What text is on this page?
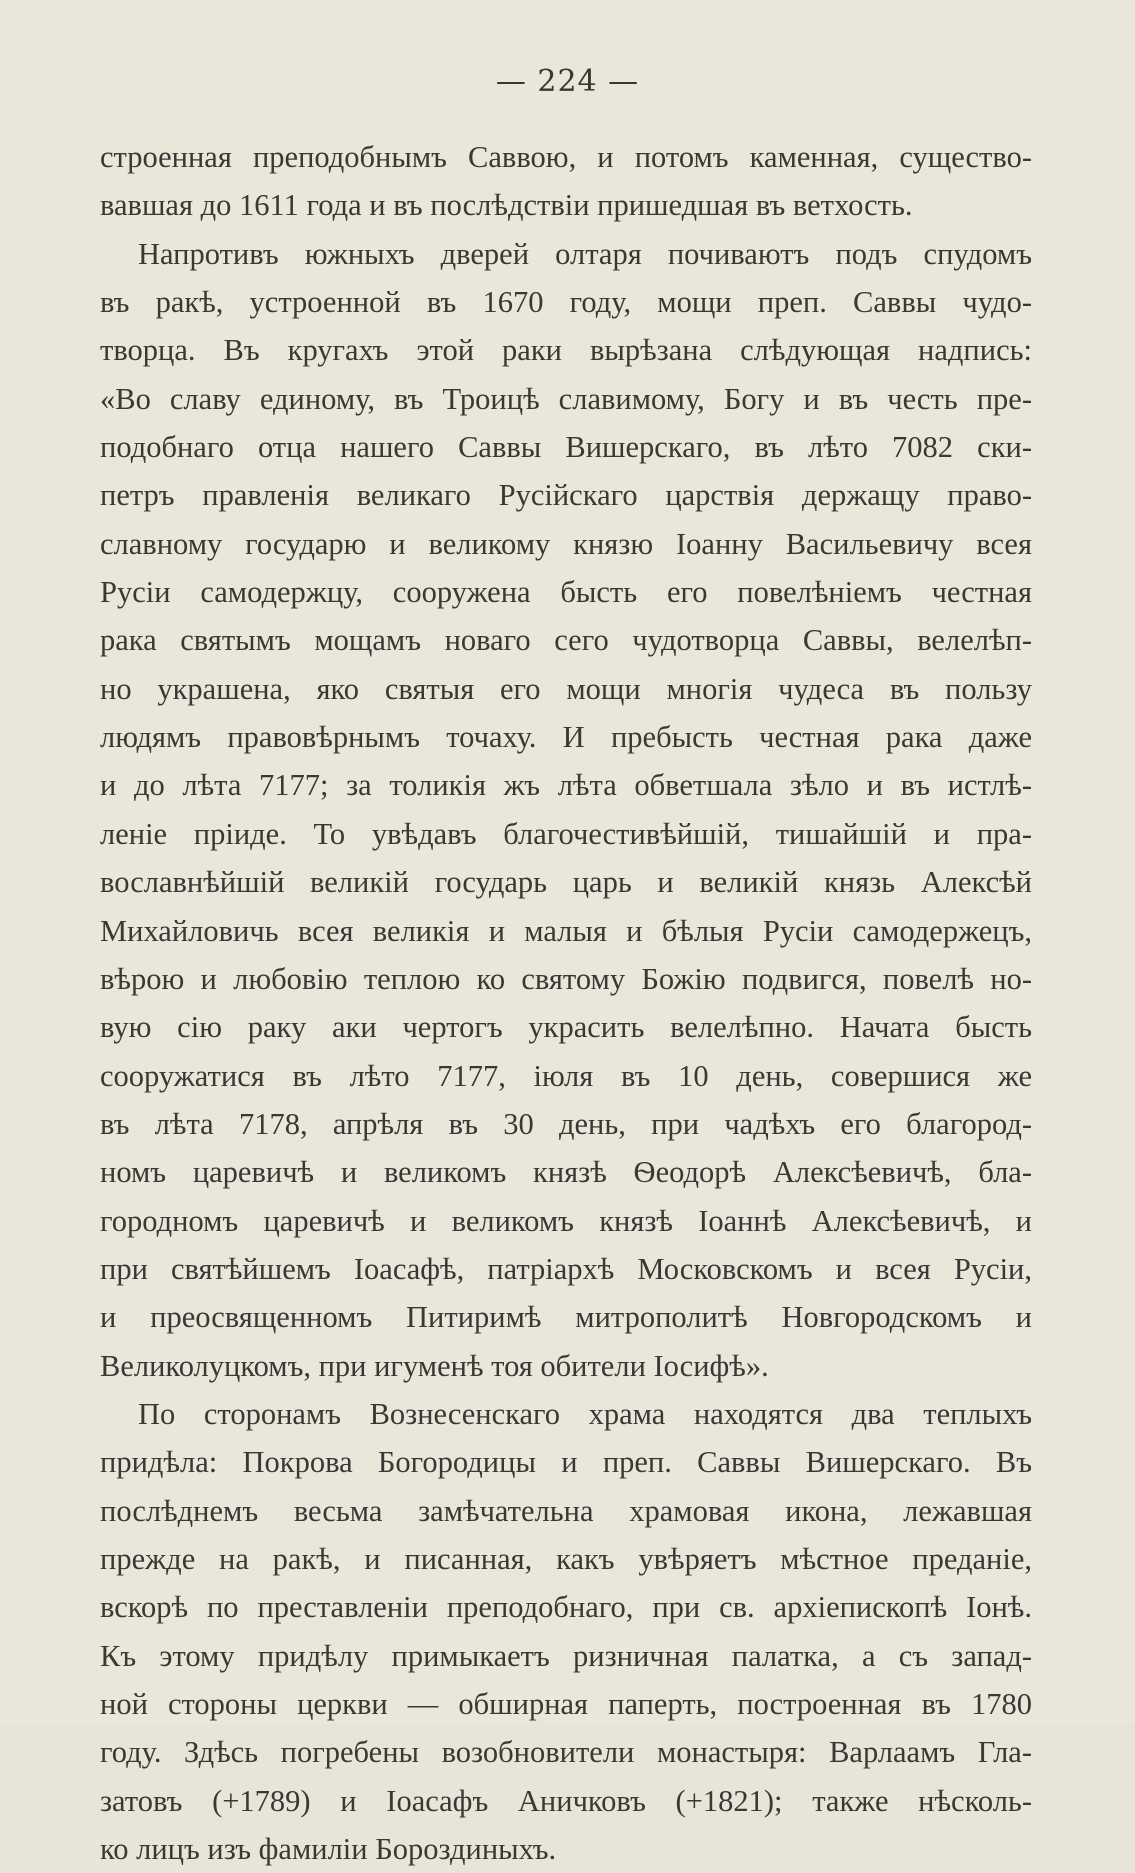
— 224 —
строенная преподобнымъ Саввою, и потомъ каменная, существо-
вавшая до 1611 года и въ послѣдствіи пришедшая въ ветхость.
Напротивъ южныхъ дверей олтаря почиваютъ подъ спудомъ
въ ракѣ, устроенной въ 1670 году, мощи преп. Саввы чудо-
творца. Въ кругахъ этой раки вырѣзана слѣдующая надпись:
«Во славу единому, въ Троицѣ славимому, Богу и въ честь пре-
подобнаго отца нашего Саввы Вишерскаго, въ лѣто 7082 ски-
петръ правленія великаго Русійскаго царствія держащу право-
славному государю и великому князю Іоанну Васильевичу всея
Русіи самодержцу, сооружена бысть его повелѣніемъ честная
рака святымъ мощамъ новаго сего чудотворца Саввы, велелѣп-
но украшена, яко святыя его мощи многія чудеса въ пользу
людямъ правовѣрнымъ точаху. И пребысть честная рака даже
и до лѣта 7177; за толикія жъ лѣта обветшала зѣло и въ истлѣ-
леніе пріиде. То увѣдавъ благочестивѣйшій, тишайшій и пра-
вославнѣйшій великій государь царь и великій князь Алексѣй
Михайловичь всея великія и малыя и бѣлыя Русіи самодержецъ,
вѣрою и любовію теплою ко святому Божію подвигся, повелѣ но-
вую сію раку аки чертогъ украсить велелѣпно. Начата бысть
сооружатися въ лѣто 7177, іюля въ 10 день, совершися же
въ лѣта 7178, апрѣля въ 30 день, при чадѣхъ его благород-
номъ царевичѣ и великомъ князѣ Ѳеодорѣ Алексѣевичѣ, бла-
городномъ царевичѣ и великомъ князѣ Іоаннѣ Алексѣевичѣ, и
при святѣйшемъ Іоасафѣ, патріархѣ Московскомъ и всея Русіи,
и преосвященномъ Питиримѣ митрополитѣ Новгородскомъ и
Великолуцкомъ, при игуменѣ тоя обители Іосифѣ».
По сторонамъ Вознесенскаго храма находятся два теплыхъ
придѣла: Покрова Богородицы и преп. Саввы Вишерскаго. Въ
послѣднемъ весьма замѣчательна храмовая икона, лежавшая
прежде на ракѣ, и писанная, какъ увѣряетъ мѣстное преданіе,
вскорѣ по преставленіи преподобнаго, при св. архіепископѣ Іонѣ.
Къ этому придѣлу примыкаетъ ризничная палатка, а съ запад-
ной стороны церкви — обширная паперть, построенная въ 1780
году. Здѣсь погребены возобновители монастыря: Варлаамъ Гла-
затовъ (+1789) и Іоасафъ Аничковъ (+1821); также нѣсколь-
ко лицъ изъ фамиліи Бороздиныхъ.
